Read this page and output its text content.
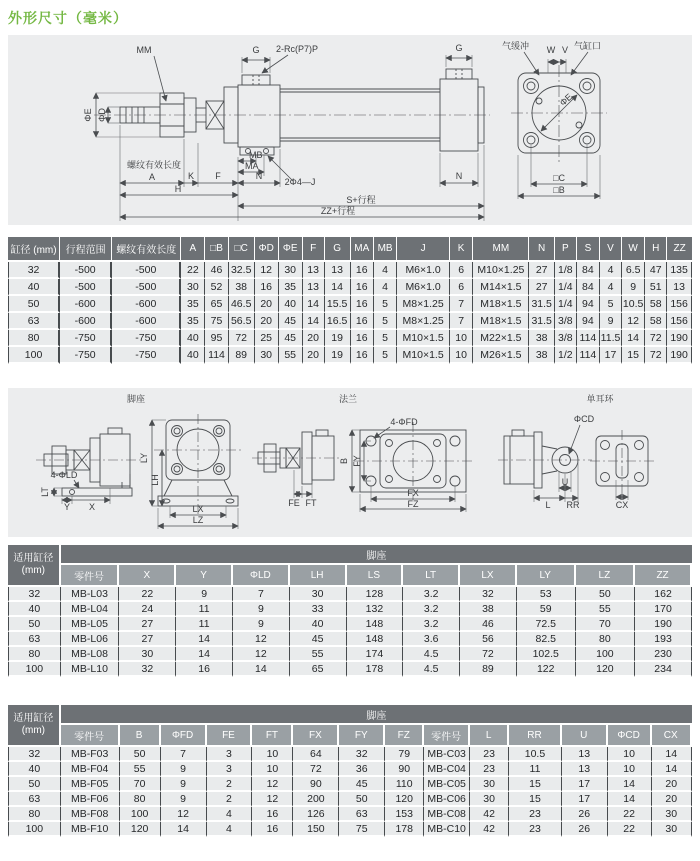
外形尺寸（毫米）
MM	G 2-Rc(P7)P	G
ΦE ΦD
螺纹有效长度
A	K F	N
H
MB
MA
2Φ4—J
S+行程
ZZ+行程
N
气缓冲 W V 气缸口
ΦE
□C
□B
缸径 (mm)	行程范围	螺纹有效长度	A	□B	□C	ΦD	ΦE	F	G	MA	MB	J	K	MM	N	P	S	V	W	H	ZZ
32	-500	-500	22	46	32.5	12	30	13	13	16	4	M6×1.0	6	M10×1.25	27	1/8	84	4	6.5	47	135
40	-500	-500	30	52	38	16	35	13	14	16	4	M6×1.0	6	M14×1.5	27	1/4	84	4	9	51	13
50	-600	-600	35	65	46.5	20	40	14	15.5	16	5	M8×1.25	7	M18×1.5	31.5	1/4	94	5	10.5	58	156
63	-600	-600	35	75	56.5	20	45	14	16.5	16	5	M8×1.25	7	M18×1.5	31.5	3/8	94	9	12	58	156
80	-750	-750	40	95	72	25	45	20	19	16	5	M10×1.5	10	M22×1.5	38	3/8	114	11.5	14	72	190
100	-750	-750	40	114	89	30	55	20	19	16	5	M10×1.5	10	M26×1.5	38	1/2	114	17	15	72	190
脚座	法兰	单耳环
4-ΦLD
LT
Y X
LY
LH
LX
LZ
FE FT
4-ΦFD
B FY
FX
FZ
ΦCD
U
L RR	CX
适用缸径
(mm)	脚座										
	零件号	X	Y	ΦLD	LH	LS	LT	LX	LY	LZ	ZZ
32	MB-L03	22	9	7	30	128	3.2	32	53	50	162
40	MB-L04	24	11	9	33	132	3.2	38	59	55	170
50	MB-L05	27	11	9	40	148	3.2	46	72.5	70	190
63	MB-L06	27	14	12	45	148	3.6	56	82.5	80	193
80	MB-L08	30	14	12	55	174	4.5	72	102.5	100	230
100	MB-L10	32	16	14	65	178	4.5	89	122	120	234
适用缸径
(mm)	脚座													
	零件号	B	ΦFD	FE	FT	FX	FY	FZ	零件号	L	RR	U	ΦCD	CX
32	MB-F03	50	7	3	10	64	32	79	MB-C03	23	10.5	13	10	14
40	MB-F04	55	9	3	10	72	36	90	MB-C04	23	11	13	10	14
50	MB-F05	70	9	2	12	90	45	110	MB-C05	30	15	17	14	20
63	MB-F06	80	9	2	12	200	50	120	MB-C06	30	15	17	14	20
80	MB-F08	100	12	4	16	126	63	153	MB-C08	42	23	26	22	30
100	MB-F10	120	14	4	16	150	75	178	MB-C10	42	23	26	22	30
